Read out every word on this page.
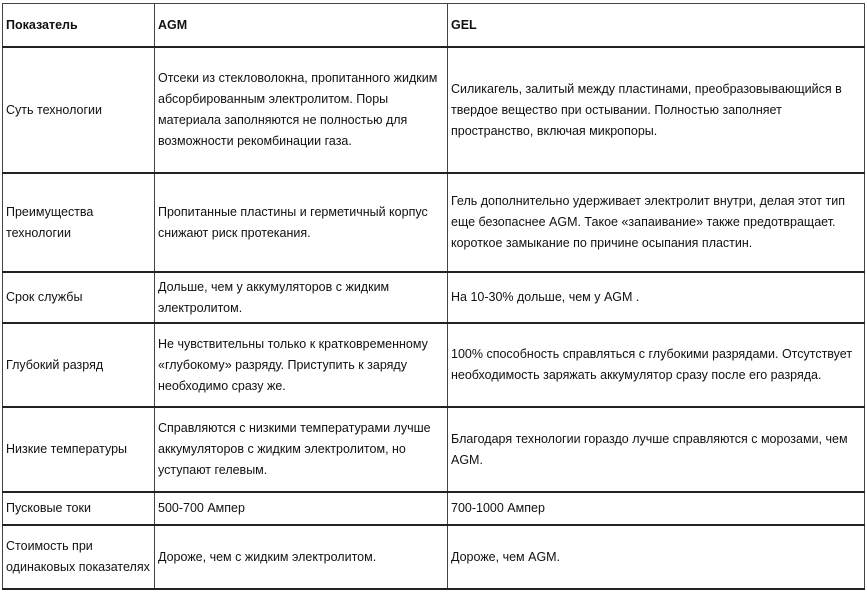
Показатель	AGM	GEL
Суть технологии	Отсеки из стекловолокна, пропитанного жидким абсорбированным электролитом. Поры материала заполняются не полностью для возможности рекомбинации газа.	Силикагель, залитый между пластинами, преобразовывающийся в твердое вещество при остывании. Полностью заполняет пространство, включая микропоры.
Преимущества технологии	Пропитанные пластины и герметичный корпус снижают риск протекания.	Гель дополнительно удерживает электролит внутри, делая этот тип еще безопаснее AGM. Такое «запаивание» также предотвращает. короткое замыкание по причине осыпания пластин.
Срок службы	Дольше, чем у аккумуляторов с жидким электролитом.	На 10-30% дольше, чем у AGM .
Глубокий разряд	Не чувствительны только к кратковременному «глубокому» разряду. Приступить к заряду необходимо сразу же.	100% способность справляться с глубокими разрядами. Отсутствует необходимость заряжать аккумулятор сразу после его разряда.
Низкие температуры	Справляются с низкими температурами лучше аккумуляторов с жидким электролитом, но уступают гелевым.	Благодаря технологии гораздо лучше справляются с морозами, чем AGM.
Пусковые токи	500-700 Ампер	700-1000 Ампер
Стоимость при одинаковых показателях	Дороже, чем с жидким электролитом.	Дороже, чем AGM.
